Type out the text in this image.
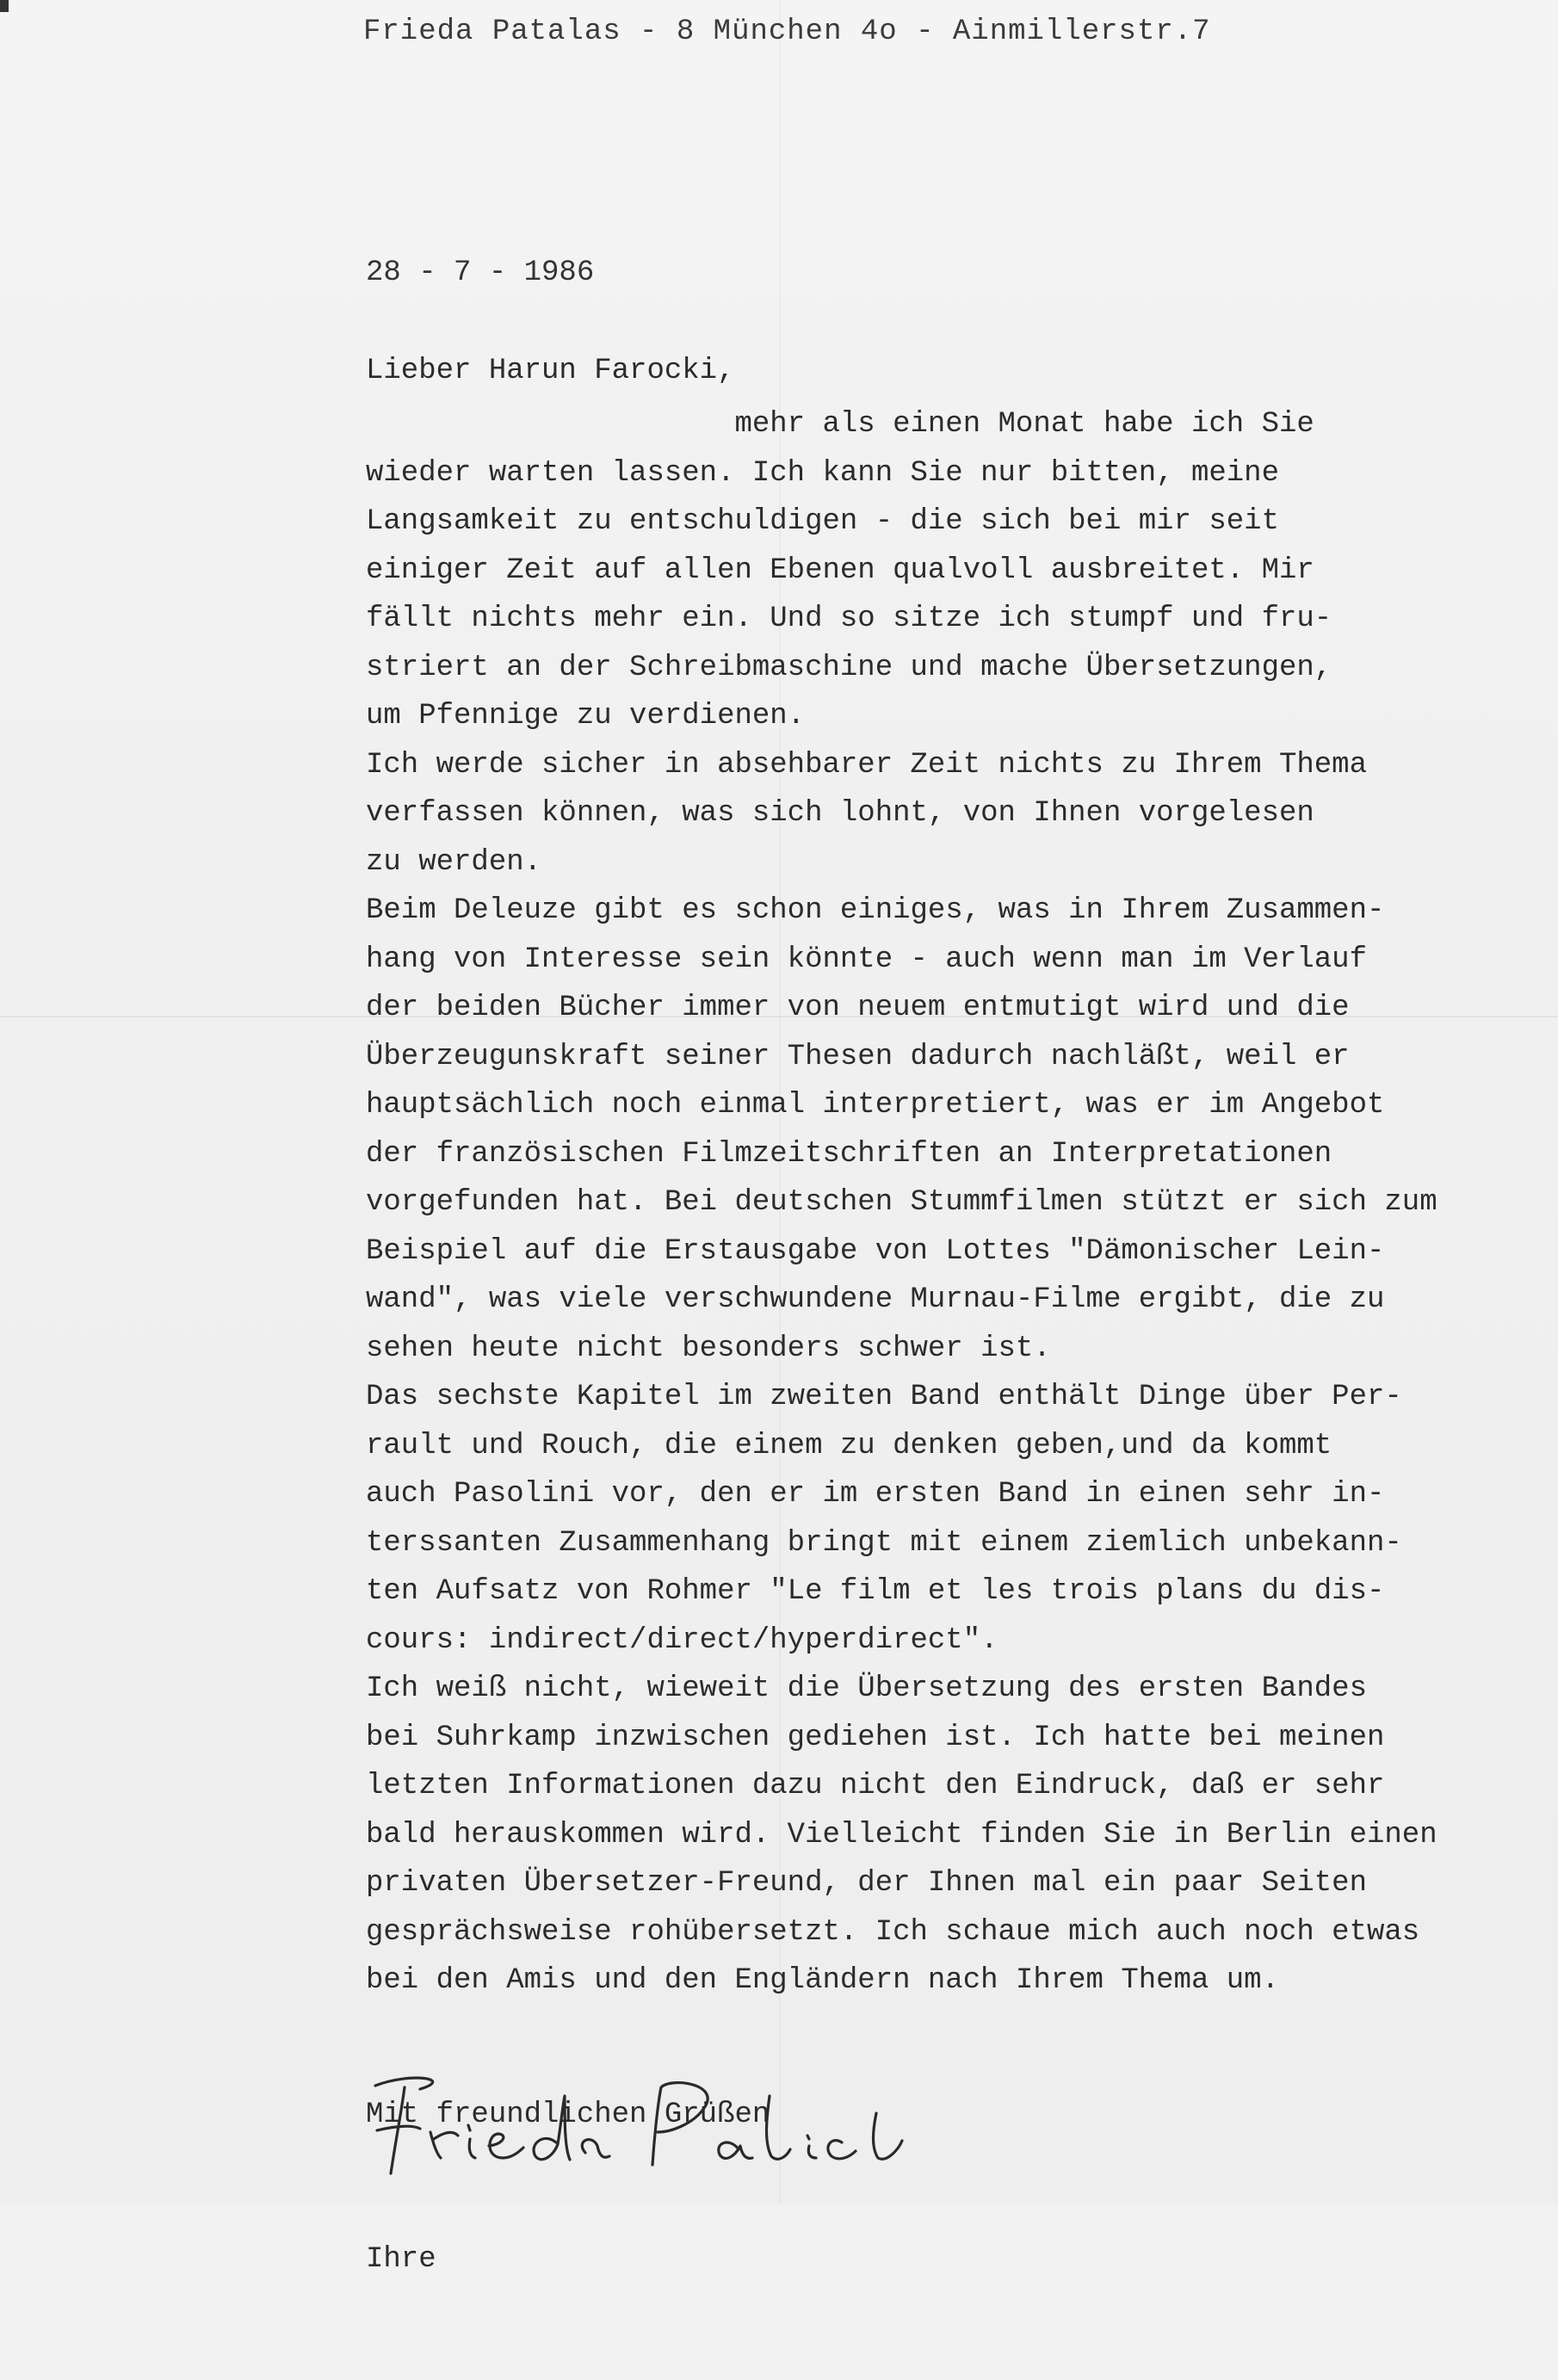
Frieda Patalas - 8 München 4o - Ainmillerstr.7
28 - 7 - 1986
Lieber Harun Farocki,
mehr als einen Monat habe ich Sie
wieder warten lassen. Ich kann Sie nur bitten, meine
Langsamkeit zu entschuldigen - die sich bei mir seit
einiger Zeit auf allen Ebenen qualvoll ausbreitet. Mir
fällt nichts mehr ein. Und so sitze ich stumpf und fru-
striert an der Schreibmaschine und mache Übersetzungen,
um Pfennige zu verdienen.
Ich werde sicher in absehbarer Zeit nichts zu Ihrem Thema
verfassen können, was sich lohnt, von Ihnen vorgelesen
zu werden.
Beim Deleuze gibt es schon einiges, was in Ihrem Zusammen-
hang von Interesse sein könnte - auch wenn man im Verlauf
der beiden Bücher immer von neuem entmutigt wird und die
Überzeugunskraft seiner Thesen dadurch nachläßt, weil er
hauptsächlich noch einmal interpretiert, was er im Angebot
der französischen Filmzeitschriften an Interpretationen
vorgefunden hat. Bei deutschen Stummfilmen stützt er sich zum
Beispiel auf die Erstausgabe von Lottes "Dämonischer Lein-
wand", was viele verschwundene Murnau-Filme ergibt, die zu
sehen heute nicht besonders schwer ist.
Das sechste Kapitel im zweiten Band enthält Dinge über Per-
rault und Rouch, die einem zu denken geben,und da kommt
auch Pasolini vor, den er im ersten Band in einen sehr in-
terssanten Zusammenhang bringt mit einem ziemlich unbekann-
ten Aufsatz von Rohmer "Le film et les trois plans du dis-
cours: indirect/direct/hyperdirect".
Ich weiß nicht, wieweit die Übersetzung des ersten Bandes
bei Suhrkamp inzwischen gediehen ist. Ich hatte bei meinen
letzten Informationen dazu nicht den Eindruck, daß er sehr
bald herauskommen wird. Vielleicht finden Sie in Berlin einen
privaten Übersetzer-Freund, der Ihnen mal ein paar Seiten
gesprächsweise rohübersetzt. Ich schaue mich auch noch etwas
bei den Amis und den Engländern nach Ihrem Thema um.

Mit freundlichen Grüßen

Ihre
